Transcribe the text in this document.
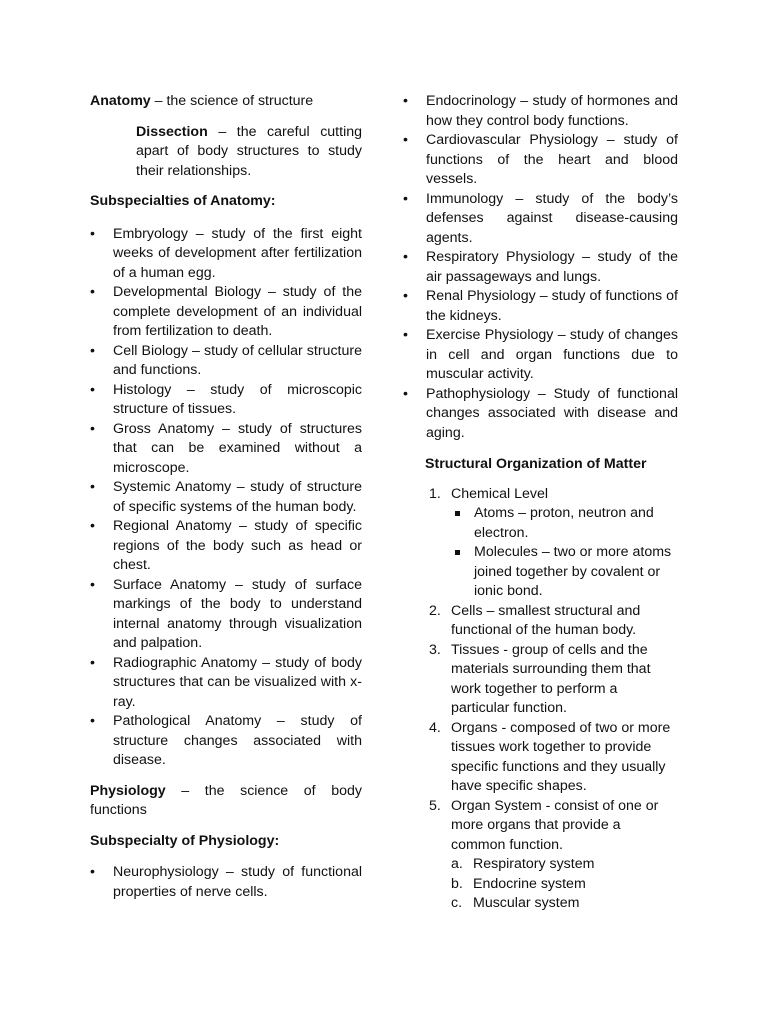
Anatomy – the science of structure

Dissection – the careful cutting apart of body structures to study their relationships.

Subspecialties of Anatomy:

• Embryology – study of the first eight weeks of development after fertilization of a human egg.
• Developmental Biology – study of the complete development of an individual from fertilization to death.
• Cell Biology – study of cellular structure and functions.
• Histology – study of microscopic structure of tissues.
• Gross Anatomy – study of structures that can be examined without a microscope.
• Systemic Anatomy – study of structure of specific systems of the human body.
• Regional Anatomy – study of specific regions of the body such as head or chest.
• Surface Anatomy – study of surface markings of the body to understand internal anatomy through visualization and palpation.
• Radiographic Anatomy – study of body structures that can be visualized with x-ray.
• Pathological Anatomy – study of structure changes associated with disease.

Physiology – the science of body functions

Subspecialty of Physiology:

• Neurophysiology – study of functional properties of nerve cells.
• Endocrinology – study of hormones and how they control body functions.
• Cardiovascular Physiology – study of functions of the heart and blood vessels.
• Immunology – study of the body’s defenses against disease-causing agents.
• Respiratory Physiology – study of the air passageways and lungs.
• Renal Physiology – study of functions of the kidneys.
• Exercise Physiology – study of changes in cell and organ functions due to muscular activity.
• Pathophysiology – Study of functional changes associated with disease and aging.

Structural Organization of Matter

1. Chemical Level
Atoms – proton, neutron and electron.
Molecules – two or more atoms joined together by covalent or ionic bond.
2. Cells – smallest structural and functional of the human body.
3. Tissues - group of cells and the materials surrounding them that work together to perform a particular function.
4. Organs - composed of two or more tissues work together to provide specific functions and they usually have specific shapes.
5. Organ System - consist of one or more organs that provide a common function.
a. Respiratory system
b. Endocrine system
c. Muscular system
